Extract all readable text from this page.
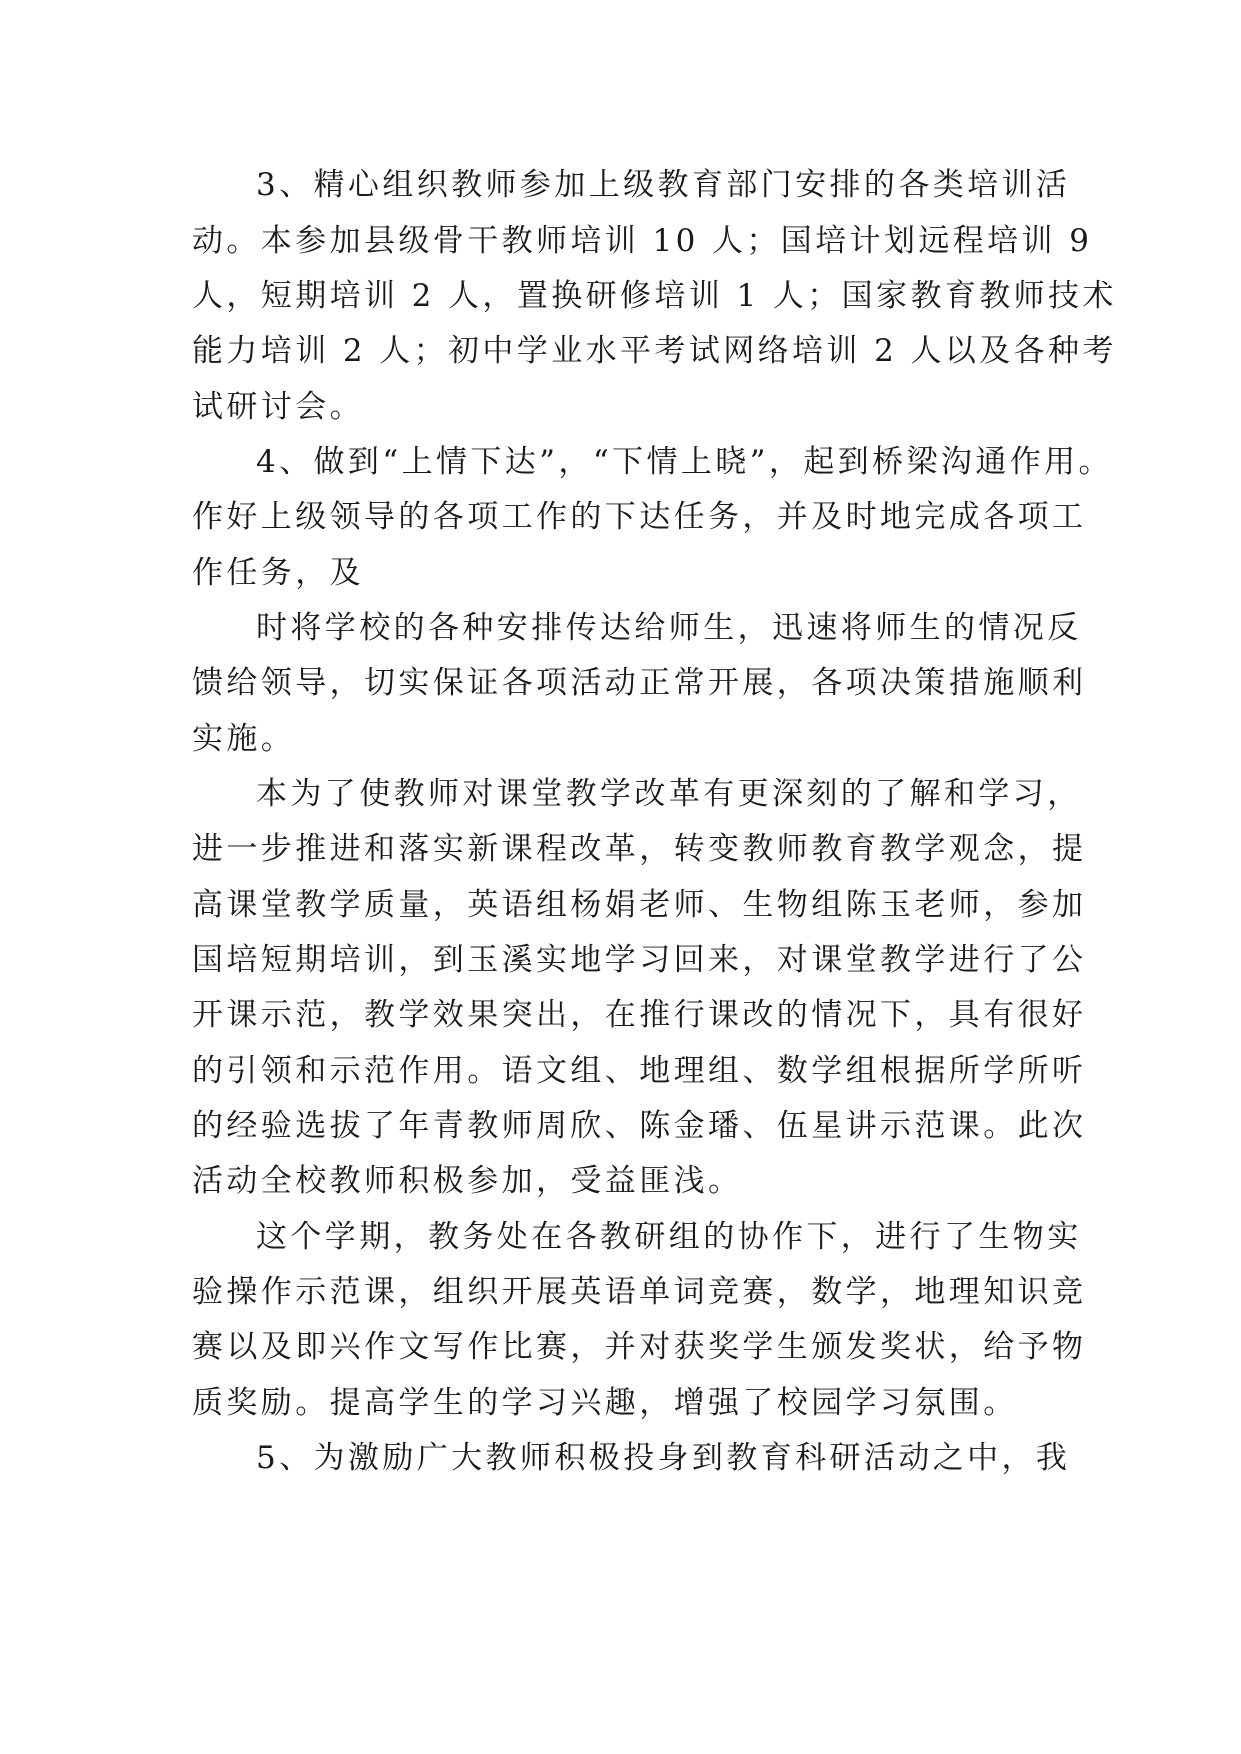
3、精心组织教师参加上级教育部门安排的各类培训活
动。本参加县级骨干教师培训 10 人；国培计划远程培训 9
人，短期培训 2 人，置换研修培训 1 人；国家教育教师技术
能力培训 2 人；初中学业水平考试网络培训 2 人以及各种考
试研讨会。
4、做到“上情下达”，“下情上晓”，起到桥梁沟通作用。
作好上级领导的各项工作的下达任务，并及时地完成各项工
作任务，及
时将学校的各种安排传达给师生，迅速将师生的情况反
馈给领导，切实保证各项活动正常开展，各项决策措施顺利
实施。
本为了使教师对课堂教学改革有更深刻的了解和学习，
进一步推进和落实新课程改革，转变教师教育教学观念，提
高课堂教学质量，英语组杨娟老师、生物组陈玉老师，参加
国培短期培训，到玉溪实地学习回来，对课堂教学进行了公
开课示范，教学效果突出，在推行课改的情况下，具有很好
的引领和示范作用。语文组、地理组、数学组根据所学所听
的经验选拔了年青教师周欣、陈金璠、伍星讲示范课。此次
活动全校教师积极参加，受益匪浅。
这个学期，教务处在各教研组的协作下，进行了生物实
验操作示范课，组织开展英语单词竞赛，数学，地理知识竞
赛以及即兴作文写作比赛，并对获奖学生颁发奖状，给予物
质奖励。提高学生的学习兴趣，增强了校园学习氛围。
5、为激励广大教师积极投身到教育科研活动之中，我
